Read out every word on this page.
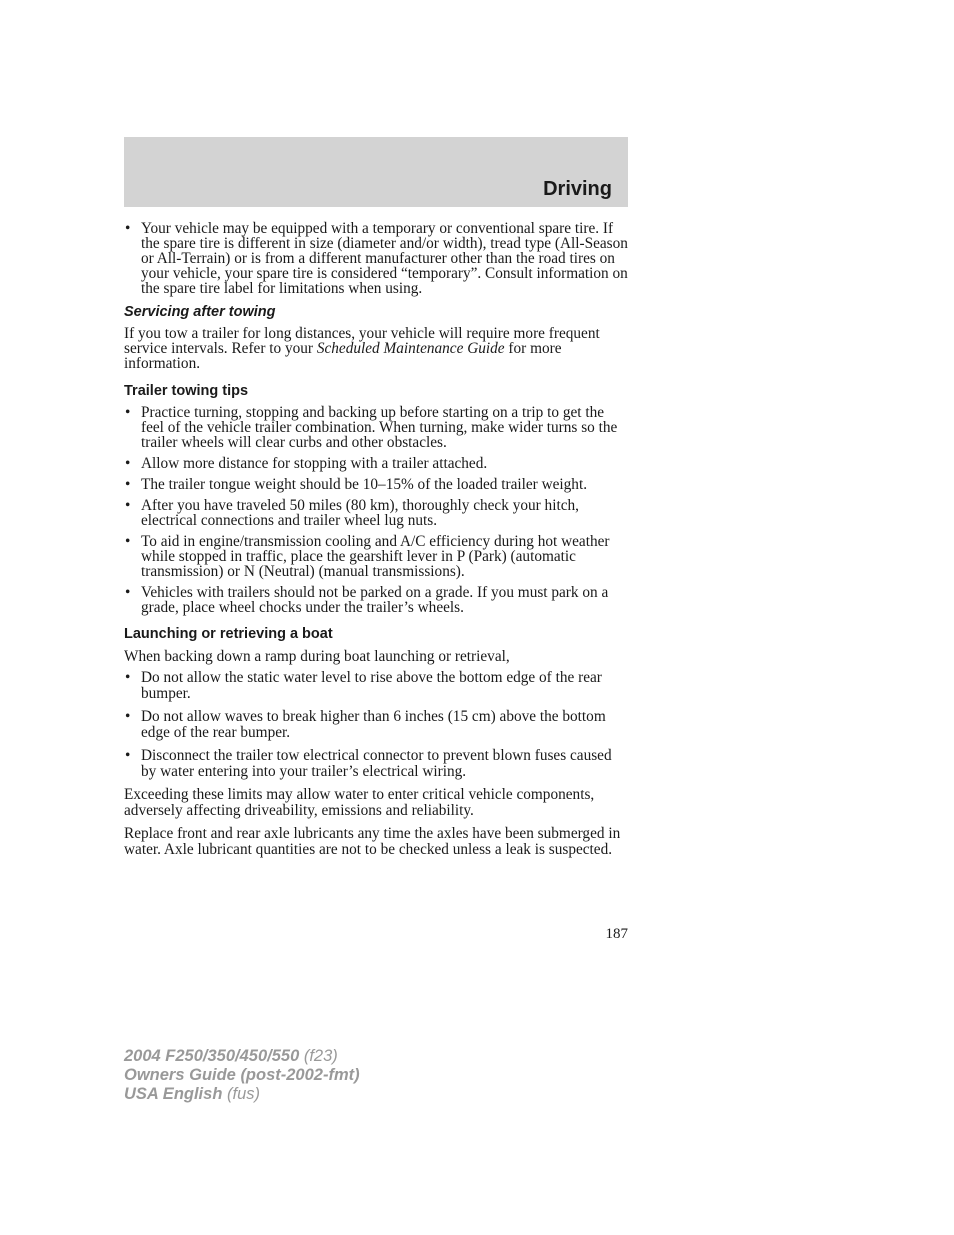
Driving
• Your vehicle may be equipped with a temporary or conventional spare tire. If the spare tire is different in size (diameter and/or width), tread type (All-Season or All-Terrain) or is from a different manufacturer other than the road tires on your vehicle, your spare tire is considered “temporary”. Consult information on the spare tire label for limitations when using.
Servicing after towing

If you tow a trailer for long distances, your vehicle will require more frequent service intervals. Refer to your Scheduled Maintenance Guide for more information.

Trailer towing tips
• Practice turning, stopping and backing up before starting on a trip to get the feel of the vehicle trailer combination. When turning, make wider turns so the trailer wheels will clear curbs and other obstacles.
• Allow more distance for stopping with a trailer attached.
• The trailer tongue weight should be 10–15% of the loaded trailer weight.
• After you have traveled 50 miles (80 km), thoroughly check your hitch, electrical connections and trailer wheel lug nuts.
• To aid in engine/transmission cooling and A/C efficiency during hot weather while stopped in traffic, place the gearshift lever in P (Park) (automatic transmission) or N (Neutral) (manual transmissions).
• Vehicles with trailers should not be parked on a grade. If you must park on a grade, place wheel chocks under the trailer’s wheels.
Launching or retrieving a boat

When backing down a ramp during boat launching or retrieval,

• Do not allow the static water level to rise above the bottom edge of the rear bumper.
• Do not allow waves to break higher than 6 inches (15 cm) above the bottom edge of the rear bumper.
• Disconnect the trailer tow electrical connector to prevent blown fuses caused by water entering into your trailer’s electrical wiring.

Exceeding these limits may allow water to enter critical vehicle components, adversely affecting driveability, emissions and reliability.

Replace front and rear axle lubricants any time the axles have been submerged in water. Axle lubricant quantities are not to be checked unless a leak is suspected.

187
2004 F250/350/450/550 (f23)
Owners Guide (post-2002-fmt)
USA English (fus)
